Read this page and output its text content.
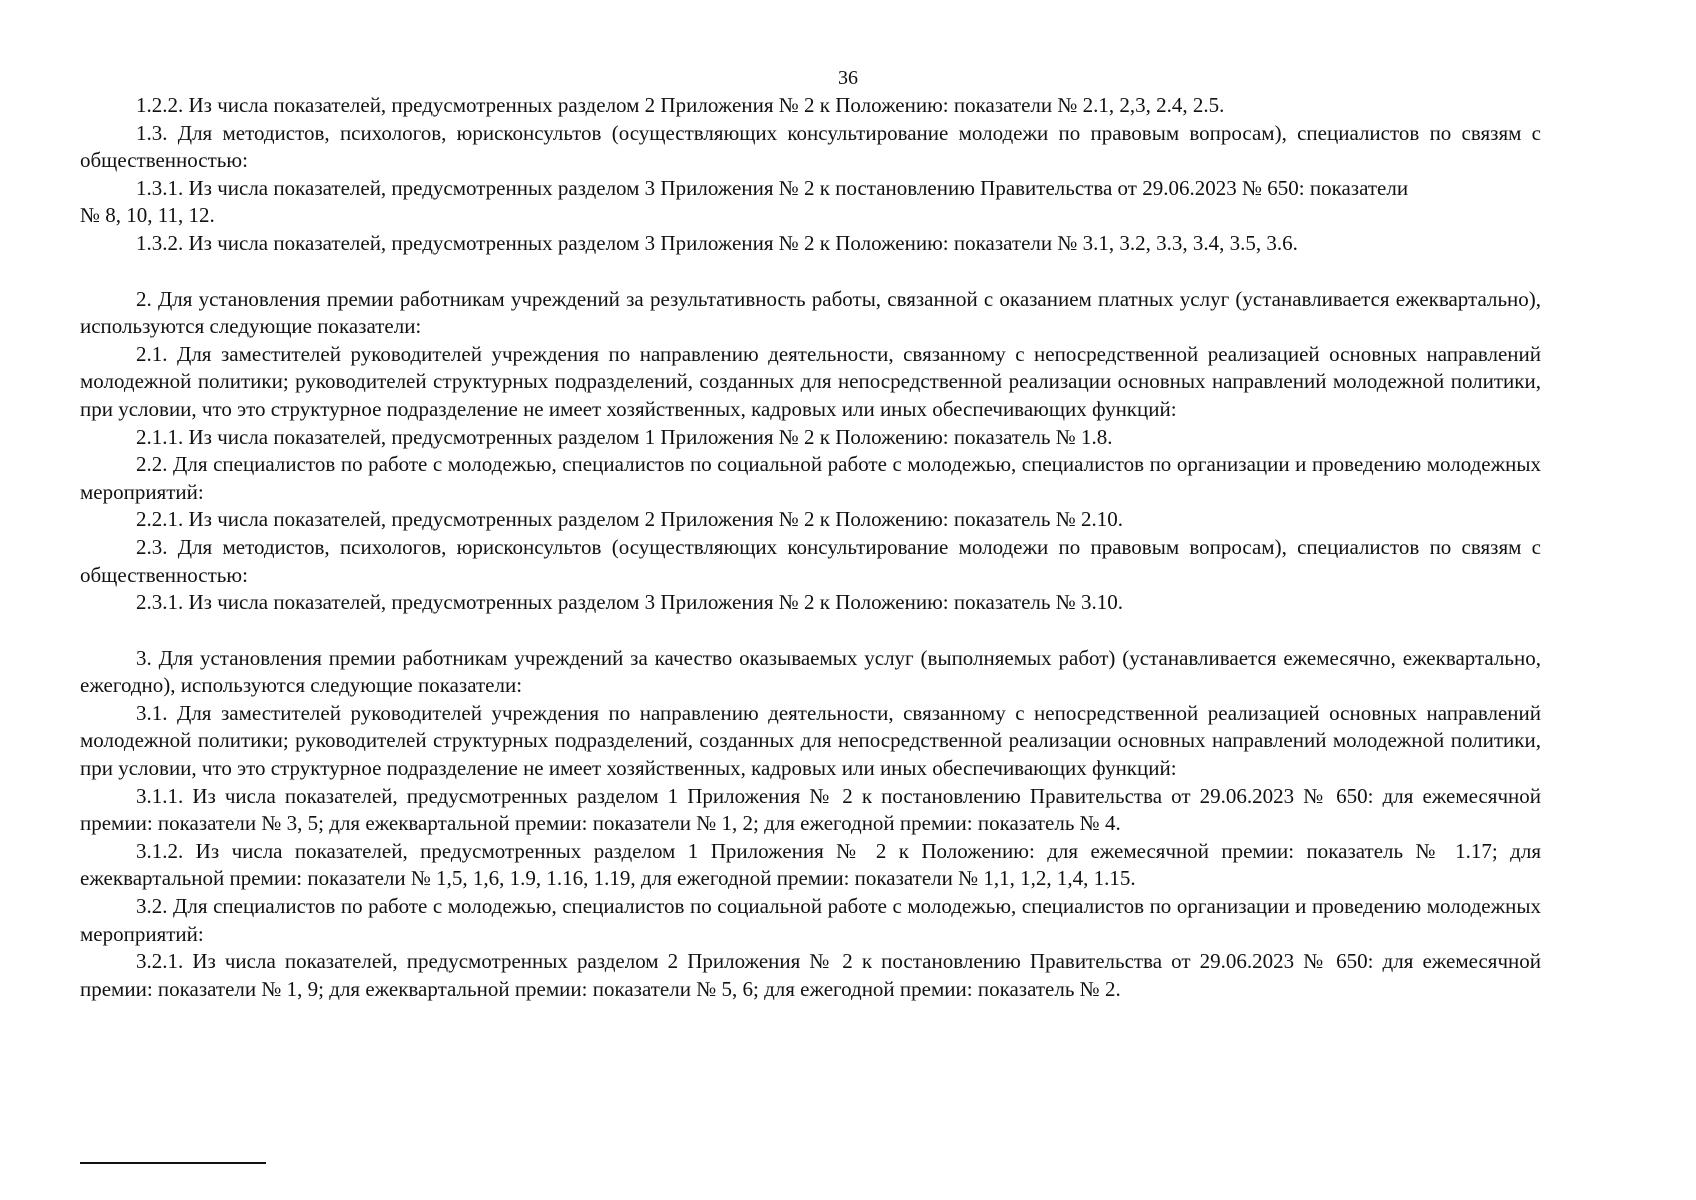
36

1.2.2. Из числа показателей, предусмотренных разделом 2 Приложения № 2 к Положению: показатели № 2.1, 2,3, 2.4, 2.5.

1.3. Для методистов, психологов, юрисконсультов (осуществляющих консультирование молодежи по правовым вопросам), специалистов по связям с общественностью:

1.3.1. Из числа показателей, предусмотренных разделом 3 Приложения № 2 к постановлению Правительства от 29.06.2023 № 650: показатели

№ 8, 10, 11, 12.

1.3.2. Из числа показателей, предусмотренных разделом 3 Приложения № 2 к Положению: показатели № 3.1, 3.2, 3.3, 3.4, 3.5, 3.6.

2. Для установления премии работникам учреждений за результативность работы, связанной с оказанием платных услуг (устанавливается ежеквартально), используются следующие показатели:

2.1. Для заместителей руководителей учреждения по направлению деятельности, связанному с непосредственной реализацией основных направлений молодежной политики; руководителей структурных подразделений, созданных для непосредственной реализации основных направлений молодежной политики, при условии, что это структурное подразделение не имеет хозяйственных, кадровых или иных обеспечивающих функций:

2.1.1. Из числа показателей, предусмотренных разделом 1 Приложения № 2 к Положению: показатель № 1.8.

2.2. Для специалистов по работе с молодежью, специалистов по социальной работе с молодежью, специалистов по организации и проведению молодежных мероприятий:

2.2.1. Из числа показателей, предусмотренных разделом 2 Приложения № 2 к Положению: показатель № 2.10.

2.3. Для методистов, психологов, юрисконсультов (осуществляющих консультирование молодежи по правовым вопросам), специалистов по связям с общественностью:

2.3.1. Из числа показателей, предусмотренных разделом 3 Приложения № 2 к Положению: показатель № 3.10.

3. Для установления премии работникам учреждений за качество оказываемых услуг (выполняемых работ) (устанавливается ежемесячно, ежеквартально, ежегодно), используются следующие показатели:

3.1. Для заместителей руководителей учреждения по направлению деятельности, связанному с непосредственной реализацией основных направлений молодежной политики; руководителей структурных подразделений, созданных для непосредственной реализации основных направлений молодежной политики, при условии, что это структурное подразделение не имеет хозяйственных, кадровых или иных обеспечивающих функций:

3.1.1. Из числа показателей, предусмотренных разделом 1 Приложения № 2 к постановлению Правительства от 29.06.2023 № 650: для ежемесячной премии: показатели № 3, 5; для ежеквартальной премии: показатели № 1, 2; для ежегодной премии: показатель № 4.

3.1.2. Из числа показателей, предусмотренных разделом 1 Приложения № 2 к Положению: для ежемесячной премии: показатель № 1.17; для ежеквартальной премии: показатели № 1,5, 1,6, 1.9, 1.16, 1.19, для ежегодной премии: показатели № 1,1, 1,2, 1,4, 1.15.

3.2. Для специалистов по работе с молодежью, специалистов по социальной работе с молодежью, специалистов по организации и проведению молодежных мероприятий:

3.2.1. Из числа показателей, предусмотренных разделом 2 Приложения № 2 к постановлению Правительства от 29.06.2023 № 650: для ежемесячной премии: показатели № 1, 9; для ежеквартальной премии: показатели № 5, 6; для ежегодной премии: показатель № 2.
